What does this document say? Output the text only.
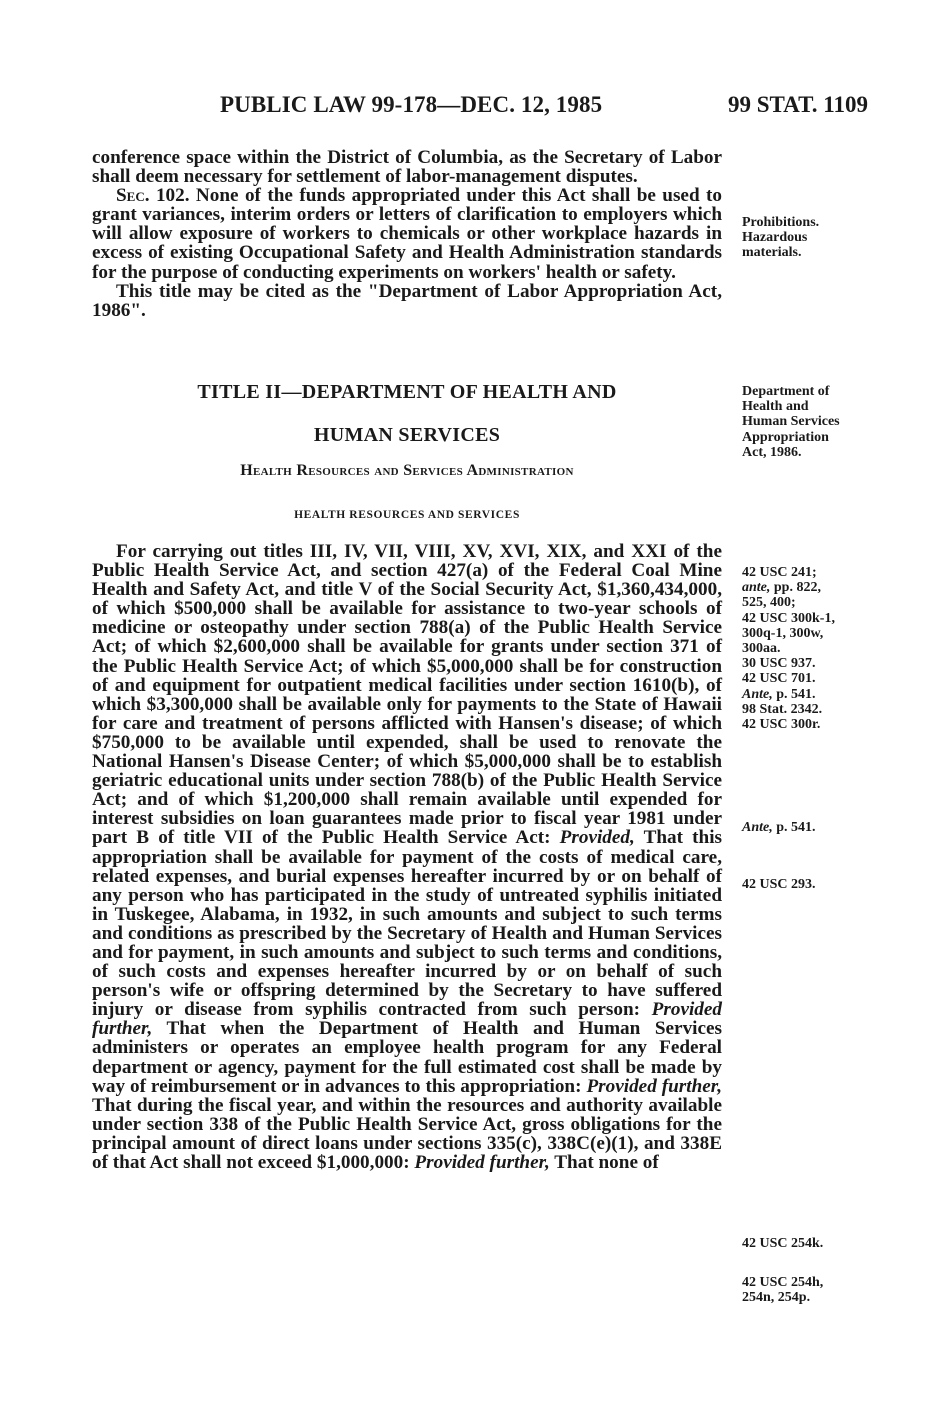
PUBLIC LAW 99-178—DEC. 12, 1985	99 STAT. 1109

conference space within the District of Columbia, as the Secretary of Labor shall deem necessary for settlement of labor-management disputes.

Sec. 102. None of the funds appropriated under this Act shall be used to grant variances, interim orders or letters of clarification to employers which will allow exposure of workers to chemicals or other workplace hazards in excess of existing Occupational Safety and Health Administration standards for the purpose of conducting experiments on workers' health or safety.

This title may be cited as the "Department of Labor Appropriation Act, 1986".

TITLE II—DEPARTMENT OF HEALTH AND
HUMAN SERVICES
Health Resources and Services Administration
HEALTH RESOURCES AND SERVICES

For carrying out titles III, IV, VII, VIII, XV, XVI, XIX, and XXI of the Public Health Service Act, and section 427(a) of the Federal Coal Mine Health and Safety Act, and title V of the Social Security Act, $1,360,434,000, of which $500,000 shall be available for assistance to two-year schools of medicine or osteopathy under section 788(a) of the Public Health Service Act; of which $2,600,000 shall be available for grants under section 371 of the Public Health Service Act; of which $5,000,000 shall be for construction of and equipment for outpatient medical facilities under section 1610(b), of which $3,300,000 shall be available only for payments to the State of Hawaii for care and treatment of persons afflicted with Hansen's disease; of which $750,000 to be available until expended, shall be used to renovate the National Hansen's Disease Center; of which $5,000,000 shall be to establish geriatric educational units under section 788(b) of the Public Health Service Act; and of which $1,200,000 shall remain available until expended for interest subsidies on loan guarantees made prior to fiscal year 1981 under part B of title VII of the Public Health Service Act: Provided, That this appropriation shall be available for payment of the costs of medical care, related expenses, and burial expenses hereafter incurred by or on behalf of any person who has participated in the study of untreated syphilis initiated in Tuskegee, Alabama, in 1932, in such amounts and subject to such terms and conditions as prescribed by the Secretary of Health and Human Services and for payment, in such amounts and subject to such terms and conditions, of such costs and expenses hereafter incurred by or on behalf of such person's wife or offspring determined by the Secretary to have suffered injury or disease from syphilis contracted from such person: Provided further, That when the Department of Health and Human Services administers or operates an employee health program for any Federal department or agency, payment for the full estimated cost shall be made by way of reimbursement or in advances to this appropriation: Provided further, That during the fiscal year, and within the resources and authority available under section 338 of the Public Health Service Act, gross obligations for the principal amount of direct loans under sections 335(c), 338C(e)(1), and 338E of that Act shall not exceed $1,000,000: Provided further, That none of

Prohibitions.
Hazardous
materials.
Department of
Health and
Human Services
Appropriation
Act, 1986.
42 USC 241;
ante, pp. 822,
525, 400;
42 USC 300k-1,
300q-1, 300w,
300aa.
30 USC 937.
42 USC 701.
Ante, p. 541.
98 Stat. 2342.
42 USC 300r.
Ante, p. 541.
42 USC 293.
42 USC 254k.
42 USC 254h,
254n, 254p.
